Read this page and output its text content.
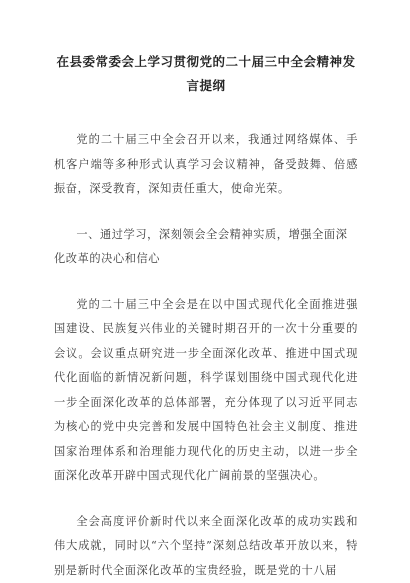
在县委常委会上学习贯彻党的二十届三中全会精神发言提纲
党的二十届三中全会召开以来，我通过网络媒体、手机客户端等多种形式认真学习会议精神，备受鼓舞、倍感振奋，深受教育，深知责任重大，使命光荣。
一、通过学习，深刻领会全会精神实质，增强全面深化改革的决心和信心
党的二十届三中全会是在以中国式现代化全面推进强国建设、民族复兴伟业的关键时期召开的一次十分重要的会议。会议重点研究进一步全面深化改革、推进中国式现代化面临的新情况新问题，科学谋划围绕中国式现代化进一步全面深化改革的总体部署，充分体现了以习近平同志为核心的党中央完善和发展中国特色社会主义制度、推进国家治理体系和治理能力现代化的历史主动，以进一步全面深化改革开辟中国式现代化广阔前景的坚强决心。
全会高度评价新时代以来全面深化改革的成功实践和伟大成就，同时以“六个坚持”深刻总结改革开放以来，特别是新时代全面深化改革的宝贵经验，既是党的十八届
